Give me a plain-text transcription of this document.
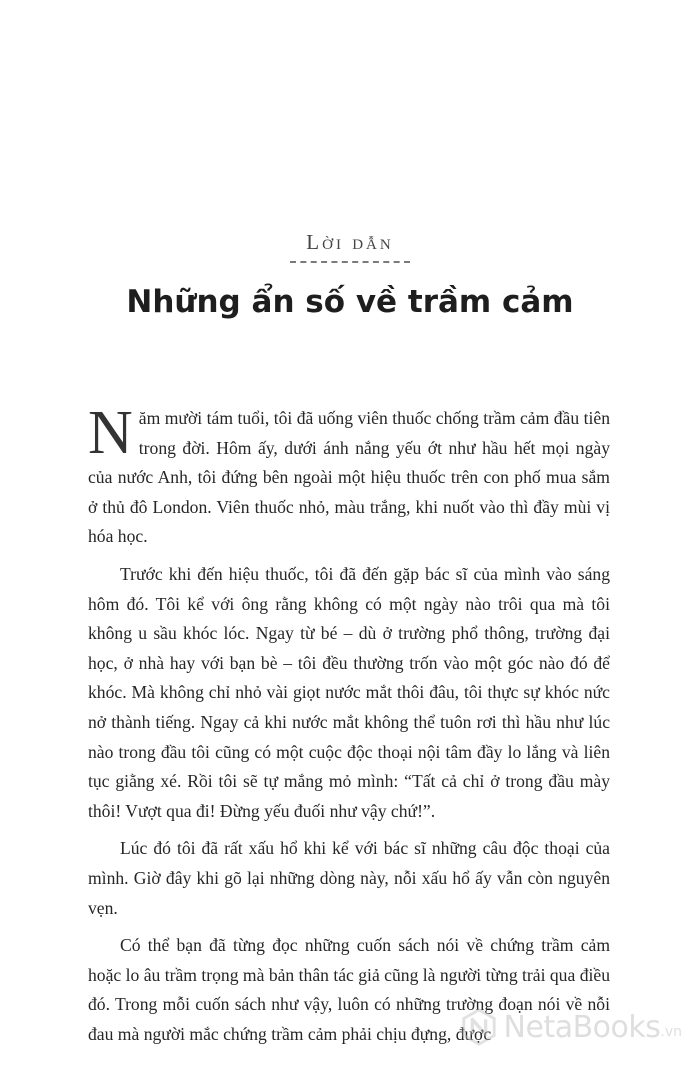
Lời dẫn
Những ẩn số về trầm cảm

Năm mười tám tuổi, tôi đã uống viên thuốc chống trầm cảm đầu tiên trong đời. Hôm ấy, dưới ánh nắng yếu ớt như hầu hết mọi ngày của nước Anh, tôi đứng bên ngoài một hiệu thuốc trên con phố mua sắm ở thủ đô London. Viên thuốc nhỏ, màu trắng, khi nuốt vào thì đầy mùi vị hóa học.

Trước khi đến hiệu thuốc, tôi đã đến gặp bác sĩ của mình vào sáng hôm đó. Tôi kể với ông rằng không có một ngày nào trôi qua mà tôi không u sầu khóc lóc. Ngay từ bé – dù ở trường phổ thông, trường đại học, ở nhà hay với bạn bè – tôi đều thường trốn vào một góc nào đó để khóc. Mà không chỉ nhỏ vài giọt nước mắt thôi đâu, tôi thực sự khóc nức nở thành tiếng. Ngay cả khi nước mắt không thể tuôn rơi thì hầu như lúc nào trong đầu tôi cũng có một cuộc độc thoại nội tâm đầy lo lắng và liên tục giằng xé. Rồi tôi sẽ tự mắng mỏ mình: “Tất cả chỉ ở trong đầu mày thôi! Vượt qua đi! Đừng yếu đuối như vậy chứ!”.

Lúc đó tôi đã rất xấu hổ khi kể với bác sĩ những câu độc thoại của mình. Giờ đây khi gõ lại những dòng này, nỗi xấu hổ ấy vẫn còn nguyên vẹn.

Có thể bạn đã từng đọc những cuốn sách nói về chứng trầm cảm hoặc lo âu trầm trọng mà bản thân tác giả cũng là người từng trải qua điều đó. Trong mỗi cuốn sách như vậy, luôn có những trường đoạn nói về nỗi đau mà người mắc chứng trầm cảm phải chịu đựng, được NetaBooks .vn
